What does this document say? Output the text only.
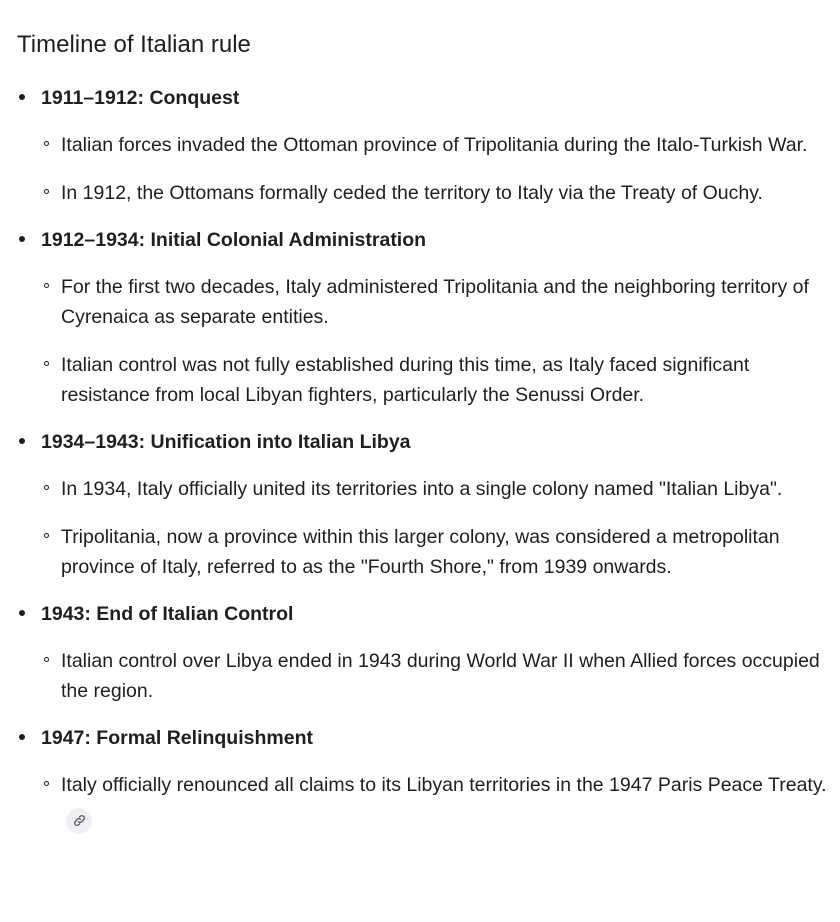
Timeline of Italian rule
1911–1912: Conquest
Italian forces invaded the Ottoman province of Tripolitania during the Italo-Turkish War.
In 1912, the Ottomans formally ceded the territory to Italy via the Treaty of Ouchy.
1912–1934: Initial Colonial Administration
For the first two decades, Italy administered Tripolitania and the neighboring territory of Cyrenaica as separate entities.
Italian control was not fully established during this time, as Italy faced significant resistance from local Libyan fighters, particularly the Senussi Order.
1934–1943: Unification into Italian Libya
In 1934, Italy officially united its territories into a single colony named "Italian Libya".
Tripolitania, now a province within this larger colony, was considered a metropolitan province of Italy, referred to as the "Fourth Shore," from 1939 onwards.
1943: End of Italian Control
Italian control over Libya ended in 1943 during World War II when Allied forces occupied the region.
1947: Formal Relinquishment
Italy officially renounced all claims to its Libyan territories in the 1947 Paris Peace Treaty.
